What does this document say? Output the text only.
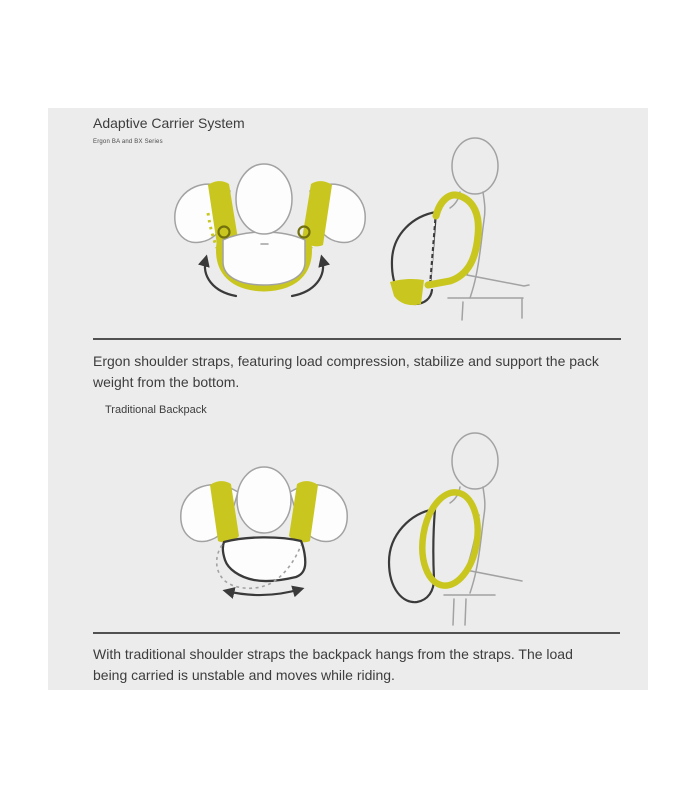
Adaptive Carrier System
Ergon BA and BX Series
Ergon shoulder straps, featuring load compression, stabilize and support the pack
weight from the bottom.
Traditional Backpack
With traditional shoulder straps the backpack hangs from the straps. The load
being carried is unstable and moves while riding.
